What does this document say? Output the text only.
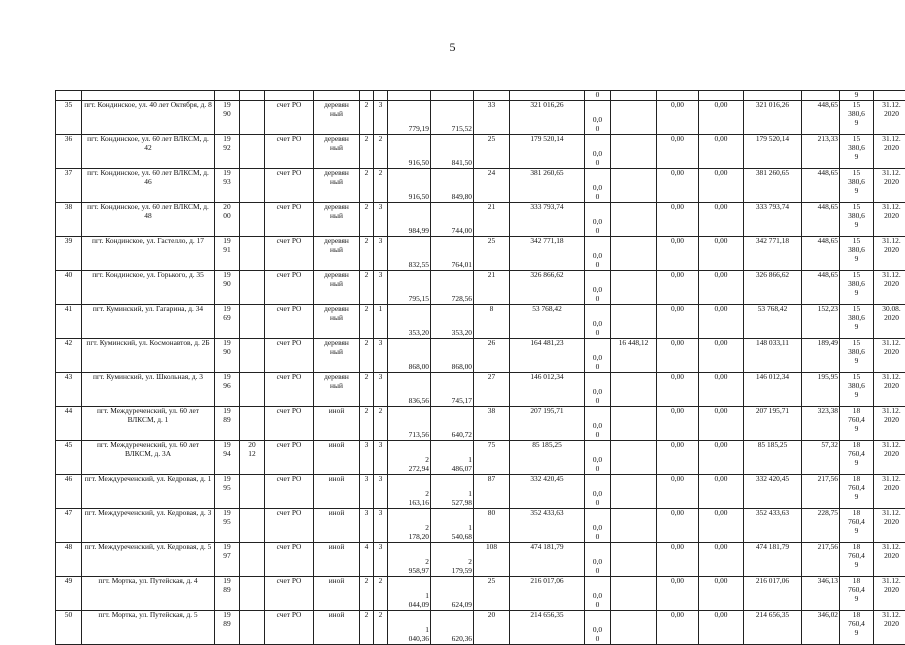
5
												0						9	
35	пгт. Кондинское, ул. 40 лет Октября, д. 8	19
90		счет РО	деревян
ный	2	3	779,19	715,52	33	321 016,26	0,0
0		0,00	0,00	321 016,26	448,65	15
380,6
9	31.12.
2020

36	пгт. Кондинское, ул. 60 лет ВЛКСМ, д. 42	19
92		счет РО	деревян
ный	2	2	916,50	841,50	25	179 520,14	0,0
0		0,00	0,00	179 520,14	213,33	15
380,6
9	31.12.
2020

37	пгт. Кондинское, ул. 60 лет ВЛКСМ, д. 46	19
93		счет РО	деревян
ный	2	2	916,50	849,80	24	381 260,65	0,0
0		0,00	0,00	381 260,65	448,65	15
380,6
9	31.12.
2020

38	пгт. Кондинское, ул. 60 лет ВЛКСМ, д. 48	20
00		счет РО	деревян
ный	2	3	984,99	744,00	21	333 793,74	0,0
0		0,00	0,00	333 793,74	448,65	15
380,6
9	31.12.
2020

39	пгт. Кондинское, ул. Гастелло, д. 17	19
91		счет РО	деревян
ный	2	3	832,55	764,01	25	342 771,18	0,0
0		0,00	0,00	342 771,18	448,65	15
380,6
9	31.12.
2020

40	пгт. Кондинское, ул. Горького, д. 35	19
90		счет РО	деревян
ный	2	3	795,15	728,56	21	326 866,62	0,0
0		0,00	0,00	326 866,62	448,65	15
380,6
9	31.12.
2020

41	пгт. Куминский, ул. Гагарина, д. 34	19
69		счет РО	деревян
ный	2	1	353,20	353,20	8	53 768,42	0,0
0		0,00	0,00	53 768,42	152,23	15
380,6
9	30.08.
2020

42	пгт. Куминский, ул. Космонавтов, д. 2Б	19
90		счет РО	деревян
ный	2	3	868,00	868,00	26	164 481,23	0,0
0	16 448,12	0,00	0,00	148 033,11	189,49	15
380,6
9	31.12.
2020

43	пгт. Куминский, ул. Школьная, д. 3	19
96		счет РО	деревян
ный	2	3	836,56	745,17	27	146 012,34	0,0
0		0,00	0,00	146 012,34	195,95	15
380,6
9	31.12.
2020

44	пгт. Междуреченский, ул. 60 лет ВЛКСМ, д. 1	19
89		счет РО	иной	2	2	713,56	640,72	38	207 195,71	0,0
0		0,00	0,00	207 195,71	323,38	18
760,4
9	31.12.
2020

45	пгт. Междуреченский, ул. 60 лет ВЛКСМ, д. 3А	19
94	20
12	счет РО	иной	3	3	2
272,94	1
486,07	75	85 185,25	0,0
0		0,00	0,00	85 185,25	57,32	18
760,4
9	31.12.
2020

46	пгт. Междуреченский, ул. Кедровая, д. 1	19
95		счет РО	иной	3	3	2
163,16	1
527,98	87	332 420,45	0,0
0		0,00	0,00	332 420,45	217,56	18
760,4
9	31.12.
2020

47	пгт. Междуреченский, ул. Кедровая, д. 3	19
95		счет РО	иной	3	3	2
178,20	1
540,68	80	352 433,63	0,0
0		0,00	0,00	352 433,63	228,75	18
760,4
9	31.12.
2020

48	пгт. Междуреченский, ул. Кедровая, д. 5	19
97		счет РО	иной	4	3	2
958,97	2
179,59	108	474 181,79	0,0
0		0,00	0,00	474 181,79	217,56	18
760,4
9	31.12.
2020

49	пгт. Мортка, ул. Путейская, д. 4	19
89		счет РО	иной	2	2	1
044,09	624,09	25	216 017,06	0,0
0		0,00	0,00	216 017,06	346,13	18
760,4
9	31.12.
2020

50	пгт. Мортка, ул. Путейская, д. 5	19
89		счет РО	иной	2	2	1
040,36	620,36	20	214 656,35	0,0
0		0,00	0,00	214 656,35	346,02	18
760,4
9	31.12.
2020
